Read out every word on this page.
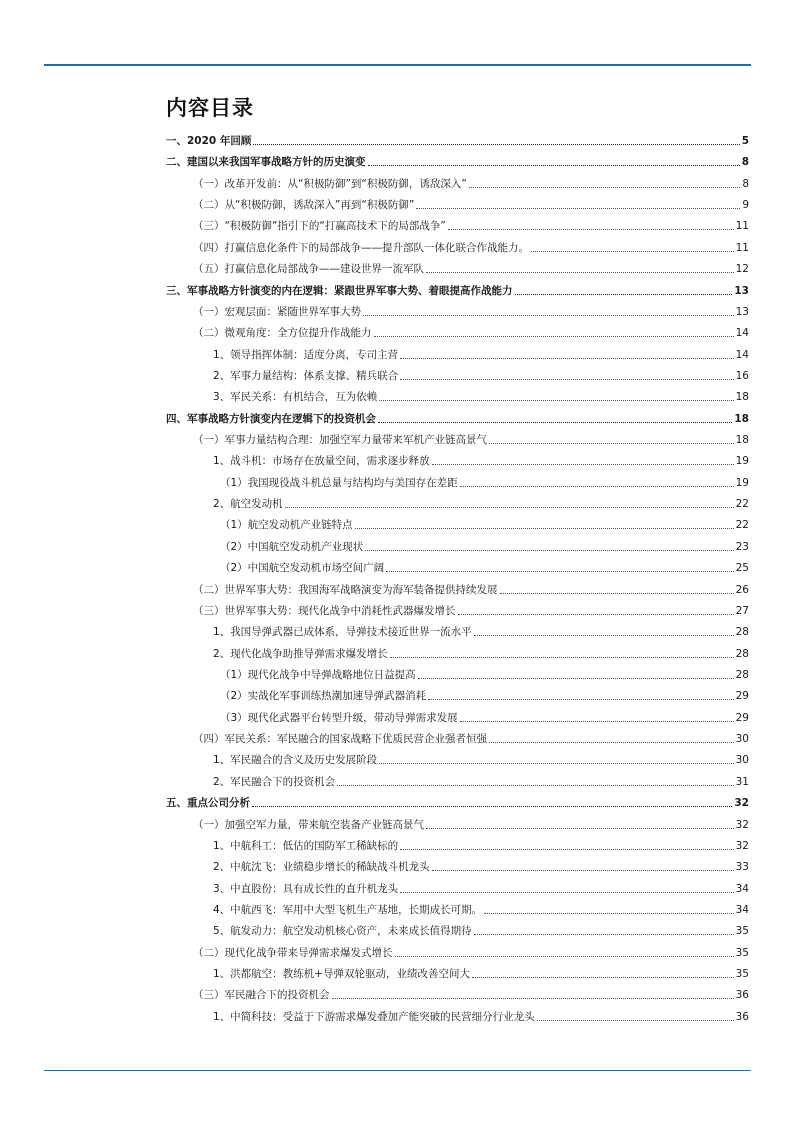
内容目录
一、2020 年回顾	5
二、建国以来我国军事战略方针的历史演变	8
（一）改革开发前：从“积极防御”到“积极防御，诱敌深入”	8
（二）从“积极防御，诱敌深入”再到“积极防御”	9
（三）“积极防御”指引下的“打赢高技术下的局部战争”	11
（四）打赢信息化条件下的局部战争——提升部队一体化联合作战能力。	11
（五）打赢信息化局部战争——建设世界一流军队	12
三、军事战略方针演变的内在逻辑：紧跟世界军事大势、着眼提高作战能力	13
（一）宏观层面：紧随世界军事大势	13
（二）微观角度：全方位提升作战能力	14
1、领导指挥体制：适度分离，专司主营	14
2、军事力量结构：体系支撑、精兵联合	16
3、军民关系：有机结合，互为依赖	18
四、军事战略方针演变内在逻辑下的投资机会	18
（一）军事力量结构合理：加强空军力量带来军机产业链高景气	18
1、战斗机：市场存在放量空间，需求逐步释放	19
（1）我国现役战斗机总量与结构均与美国存在差距	19
2、航空发动机	22
（1）航空发动机产业链特点	22
（2）中国航空发动机产业现状	23
（2）中国航空发动机市场空间广阔	25
（二）世界军事大势：我国海军战略演变为海军装备提供持续发展	26
（三）世界军事大势：现代化战争中消耗性武器爆发增长	27
1、我国导弹武器已成体系，导弹技术接近世界一流水平	28
2、现代化战争助推导弹需求爆发增长	28
（1）现代化战争中导弹战略地位日益提高	28
（2）实战化军事训练热潮加速导弹武器消耗	29
（3）现代化武器平台转型升级，带动导弹需求发展	29
（四）军民关系：军民融合的国家战略下优质民营企业强者恒强	30
1、军民融合的含义及历史发展阶段	30
2、军民融合下的投资机会	31
五、重点公司分析	32
（一）加强空军力量，带来航空装备产业链高景气	32
1、中航科工：低估的国防军工稀缺标的	32
2、中航沈飞：业绩稳步增长的稀缺战斗机龙头	33
3、中直股份：具有成长性的直升机龙头	34
4、中航西飞：军用中大型飞机生产基地，长期成长可期。	34
5、航发动力：航空发动机核心资产，未来成长值得期待	35
（二）现代化战争带来导弹需求爆发式增长	35
1、洪都航空：教练机+导弹双轮驱动，业绩改善空间大	35
（三）军民融合下的投资机会	36
1、中简科技：受益于下游需求爆发叠加产能突破的民营细分行业龙头	36
